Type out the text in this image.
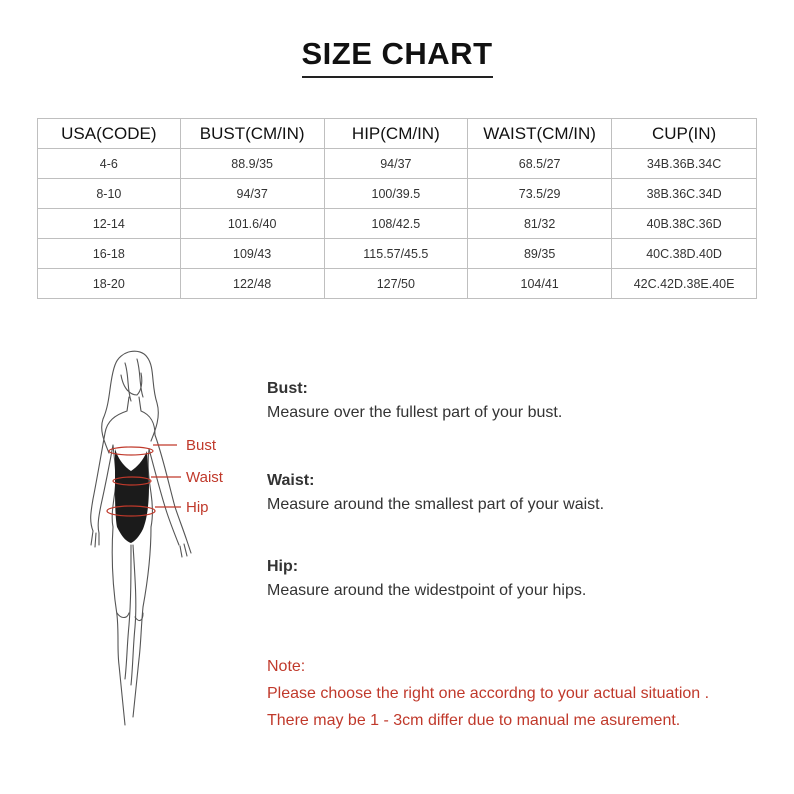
SIZE CHART
USA(CODE)	BUST(CM/IN)	HIP(CM/IN)	WAIST(CM/IN)	CUP(IN)
4-6	88.9/35	94/37	68.5/27	34B.36B.34C
8-10	94/37	100/39.5	73.5/29	38B.36C.34D
12-14	101.6/40	108/42.5	81/32	40B.38C.36D
16-18	109/43	115.57/45.5	89/35	40C.38D.40D
18-20	122/48	127/50	104/41	42C.42D.38E.40E
Bust
Waist
Hip
Bust:
Measure over the fullest part of your bust.
Waist:
Measure around the smallest part of your waist.
Hip:
Measure around the widestpoint of your hips.
Note:
Please choose the right one accordng to your actual situation .
There may be 1 - 3cm differ due to manual me asurement.
